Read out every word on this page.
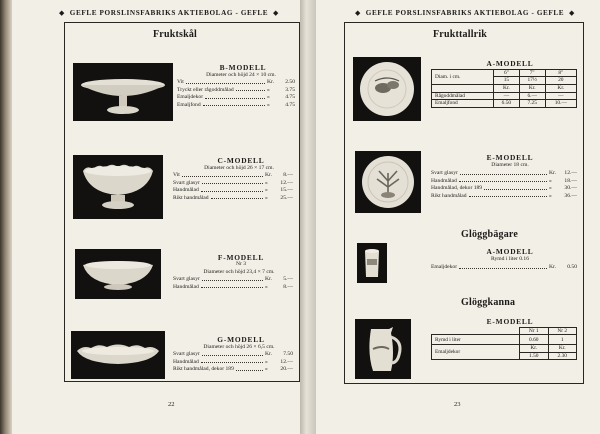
◆ GEFLE PORSLINSFABRIKS AKTIEBOLAG - GEFLE ◆
Fruktskål
B-MODELL
Diameter och höjd 24 × 10 cm.
Vit	Kr.	2.50
Tryckt eller rågoddmålad	»	3.75
Emaljdekor	»	4.75
Emaljfond	»	4.75
C-MODELL
Diameter och höjd 26 × 17 cm.
Vit	Kr.	8.—
Svart glasyr	»	12.—
Handmålad	»	15.—
Rikt handmålad	»	25.—
F-MODELL
Nr 3
Diameter och höjd 23,4 × 7 cm.
Svart glasyr	Kr.	5.—
Handmålad	»	8.—
G-MODELL
Diameter och höjd 26 × 6,5 cm.
Svart glasyr	Kr.	7.50
Handmålad	»	12.—
Rikt handmålad, dekor 189	»	20.—
22
◆ GEFLE PORSLINSFABRIKS AKTIEBOLAG - GEFLE ◆
Frukttallrik
A-MODELL
Diam. i cm.	6"	7"	8"
	15	17½	20
	Kr.	Kr.	Kr.
Rågoddmålad	—	6.—	—
Emaljfond	6.50	7.25	10.—
E-MODELL
Diameter 18 cm.
Svart glasyr	Kr.	12.—
Handmålad	»	18.—
Handmålad, dekor 189	»	30.—
Rikt handmålad	»	36.—
Glöggbägare
A-MODELL
Rymd i liter 0.16
Emaljdekor	Kr.	0.50
Glöggkanna
E-MODELL
	Nr 1	Nr 2
Rymd i liter	0.60	1
Emaljdekor	Kr.	Kr.
	1.50	2.30
23
